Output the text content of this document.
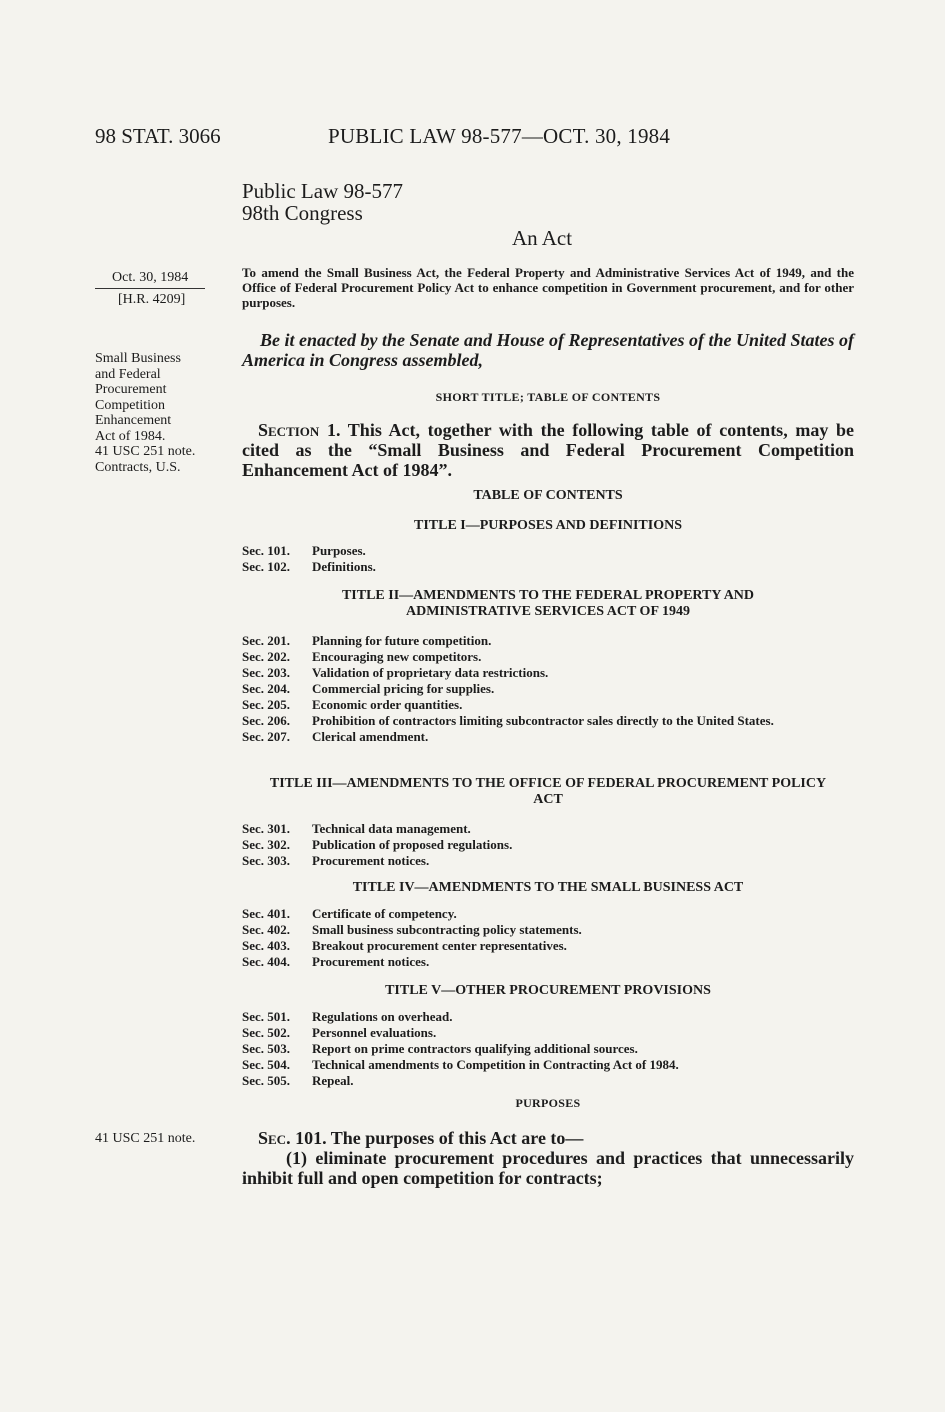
98 STAT. 3066	PUBLIC LAW 98-577—OCT. 30, 1984
Public Law 98-577
98th Congress
An Act
Oct. 30, 1984
[H.R. 4209]
Small Business
and Federal
Procurement
Competition
Enhancement
Act of 1984.
41 USC 251 note.
Contracts, U.S.
41 USC 251 note.
To amend the Small Business Act, the Federal Property and Administrative Services Act of 1949, and the Office of Federal Procurement Policy Act to enhance competition in Government procurement, and for other purposes.
Be it enacted by the Senate and House of Representatives of the United States of America in Congress assembled,
SHORT TITLE; TABLE OF CONTENTS
Section 1. This Act, together with the following table of contents, may be cited as the “Small Business and Federal Procurement Competition Enhancement Act of 1984”.
TABLE OF CONTENTS
TITLE I—PURPOSES AND DEFINITIONS
Sec. 101.	Purposes.
Sec. 102.	Definitions.
TITLE II—AMENDMENTS TO THE FEDERAL PROPERTY AND ADMINISTRATIVE SERVICES ACT OF 1949
Sec. 201.	Planning for future competition.
Sec. 202.	Encouraging new competitors.
Sec. 203.	Validation of proprietary data restrictions.
Sec. 204.	Commercial pricing for supplies.
Sec. 205.	Economic order quantities.
Sec. 206.	Prohibition of contractors limiting subcontractor sales directly to the United States.
Sec. 207.	Clerical amendment.
TITLE III—AMENDMENTS TO THE OFFICE OF FEDERAL PROCUREMENT POLICY ACT
Sec. 301.	Technical data management.
Sec. 302.	Publication of proposed regulations.
Sec. 303.	Procurement notices.
TITLE IV—AMENDMENTS TO THE SMALL BUSINESS ACT
Sec. 401.	Certificate of competency.
Sec. 402.	Small business subcontracting policy statements.
Sec. 403.	Breakout procurement center representatives.
Sec. 404.	Procurement notices.
TITLE V—OTHER PROCUREMENT PROVISIONS
Sec. 501.	Regulations on overhead.
Sec. 502.	Personnel evaluations.
Sec. 503.	Report on prime contractors qualifying additional sources.
Sec. 504.	Technical amendments to Competition in Contracting Act of 1984.
Sec. 505.	Repeal.
PURPOSES
Sec. 101. The purposes of this Act are to—
(1) eliminate procurement procedures and practices that unnecessarily inhibit full and open competition for contracts;
